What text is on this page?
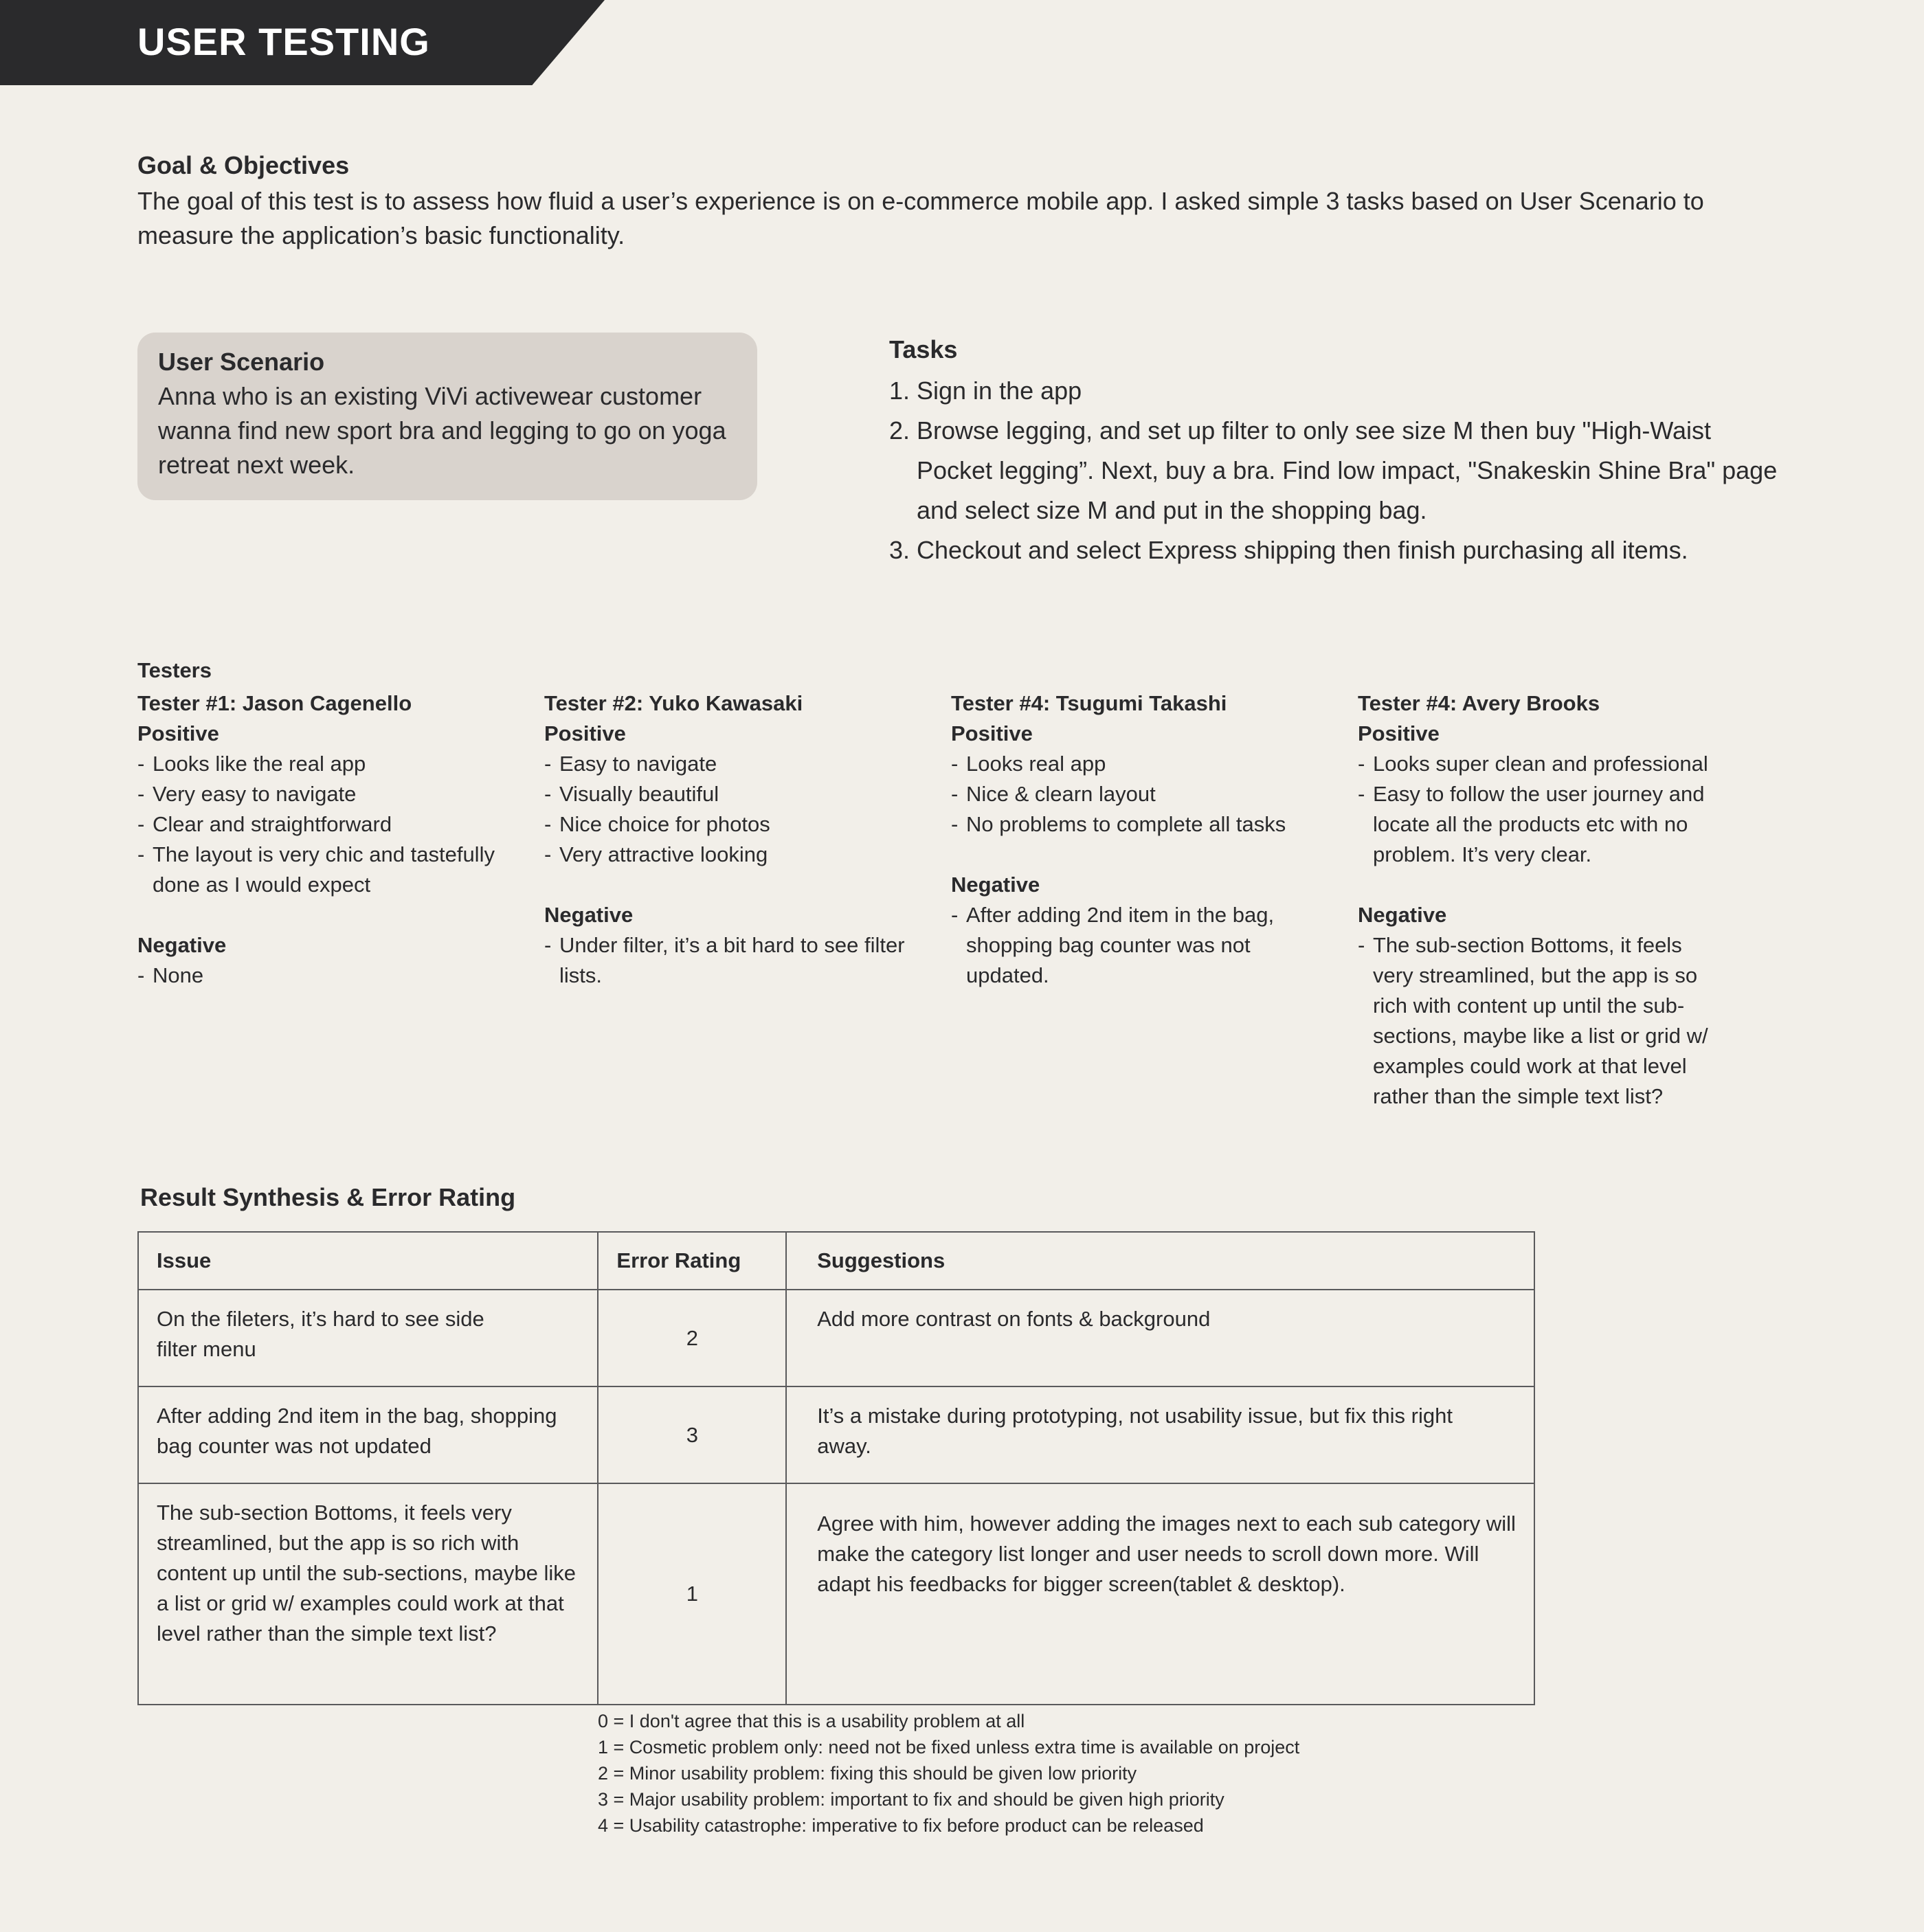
USER TESTING
Goal & Objectives

The goal of this test is to assess how fluid a user’s experience is on e-commerce mobile app. I asked simple 3 tasks based on User Scenario to measure the application’s basic functionality.

User Scenario

Anna who is an existing ViVi activewear customer wanna find new sport bra and legging to go on yoga retreat next week.

Tasks
1. Sign in the app
2. Browse legging, and set up filter to only see size M then buy "High-Waist Pocket legging”. Next, buy a bra. Find low impact, "Snakeskin Shine Bra" page and select size M and put in the shopping bag.
3. Checkout and select Express shipping then finish purchasing all items.
Testers
Tester #1: Jason Cagenello
Positive
- Looks like the real app
- Very easy to navigate
- Clear and straightforward
- The layout is very chic and tastefully done as I would expect
Negative
- None
Tester #2: Yuko Kawasaki
Positive
- Easy to navigate
- Visually beautiful
- Nice choice for photos
- Very attractive looking
Negative
- Under filter, it’s a bit hard to see filter lists.
Tester #4: Tsugumi Takashi
Positive
- Looks real app
- Nice & clearn layout
- No problems to complete all tasks
Negative
- After adding 2nd item in the bag, shopping bag counter was not updated.
Tester #4: Avery Brooks
Positive
- Looks super clean and professional
- Easy to follow the user journey and locate all the products etc with no problem. It’s very clear.
Negative
- The sub-section Bottoms, it feels very streamlined, but the app is so rich with content up until the sub-sections, maybe like a list or grid w/ examples could work at that level rather than the simple text list?
Result Synthesis & Error Rating
Issue	Error Rating	Suggestions

On the fileters, it’s hard to see side filter menu	2	Add more contrast on fonts & background

After adding 2nd item in the bag, shopping bag counter was not updated	3	It’s a mistake during prototyping, not usability issue, but fix this right away.

The sub-section Bottoms, it feels very streamlined, but the app is so rich with content up until the sub-sections, maybe like a list or grid w/ examples could work at that level rather than the simple text list?	1	Agree with him, however adding the images next to each sub category will make the category list longer and user needs to scroll down more. Will adapt his feedbacks for bigger screen(tablet & desktop).
0 = I don't agree that this is a usability problem at all
1 = Cosmetic problem only: need not be fixed unless extra time is available on project
2 = Minor usability problem: fixing this should be given low priority
3 = Major usability problem: important to fix and should be given high priority
4 = Usability catastrophe: imperative to fix before product can be released
